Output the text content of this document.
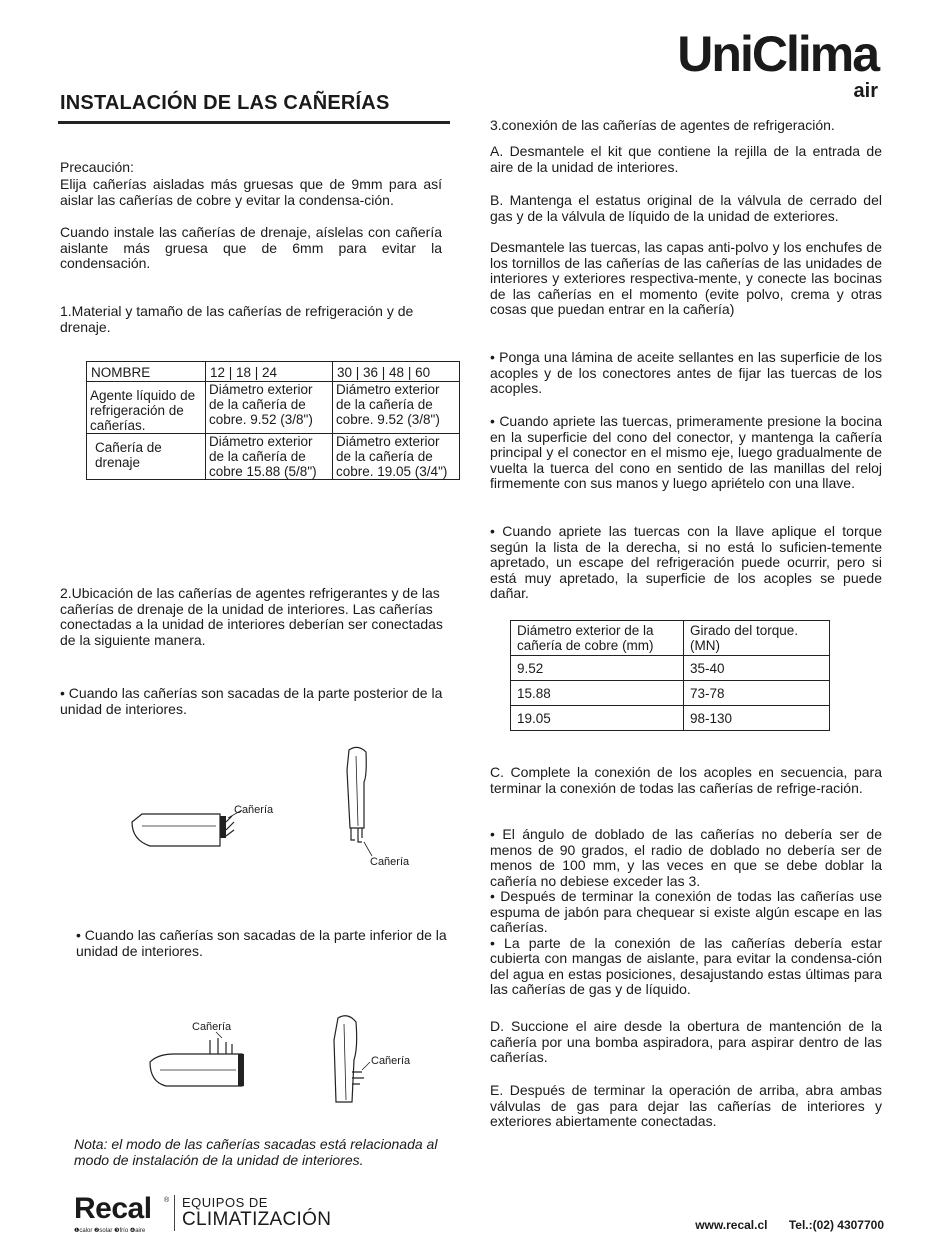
UniClima
air
INSTALACIÓN DE LAS CAÑERÍAS
Precaución:
Elija cañerías aisladas más gruesas que de 9mm para así aislar las cañerías de cobre y evitar la condensa-ción.
Cuando instale las cañerías de drenaje, aíslelas con cañería aislante más gruesa que de 6mm para evitar la condensación.
1.Material y tamaño de las cañerías de refrigeración y de drenaje.
NOMBRE	12 | 18 | 24	30 | 36 | 48 | 60
Agente líquido de refrigeración de cañerías.	Diámetro exterior de la cañería de cobre. 9.52 (3/8")	Diámetro exterior de la cañería de cobre. 9.52 (3/8")
Cañería de drenaje	Diámetro exterior de la cañería de cobre 15.88 (5/8")	Diámetro exterior de la cañería de cobre. 19.05 (3/4")
2.Ubicación de las cañerías de agentes refrigerantes y de las cañerías de drenaje de la unidad de interiores. Las cañerías conectadas a la unidad de interiores deberían ser conectadas de la siguiente manera.
• Cuando las cañerías son sacadas de la parte posterior de la unidad de interiores.
Cañería
Cañería
• Cuando las cañerías son sacadas de la parte inferior de la unidad de interiores.
Cañería
Cañería
Nota: el modo de las cañerías sacadas está relacionada al modo de instalación de la unidad de interiores.
3.conexión de las cañerías de agentes de refrigeración.
A. Desmantele el kit que contiene la rejilla de la entrada de aire de la unidad de interiores.
B. Mantenga el estatus original de la válvula de cerrado del gas y de la válvula de líquido de la unidad de exteriores.
Desmantele las tuercas, las capas anti-polvo y los enchufes de los tornillos de las cañerías de las cañerías de las unidades de interiores y exteriores respectiva-mente, y conecte las bocinas de las cañerías en el momento (evite polvo, crema y otras cosas que puedan entrar en la cañería)
• Ponga una lámina de aceite sellantes en las superficie de los acoples y de los conectores antes de fijar las tuercas de los acoples.
• Cuando apriete las tuercas, primeramente presione la bocina en la superficie del cono del conector, y mantenga la cañería principal y el conector en el mismo eje, luego gradualmente de vuelta la tuerca del cono en sentido de las manillas del reloj firmemente con sus manos y luego apriételo con una llave.
• Cuando apriete las tuercas con la llave aplique el torque según la lista de la derecha, si no está lo suficien-temente apretado, un escape del refrigeración puede ocurrir, pero si está muy apretado, la superficie de los acoples se puede dañar.
Diámetro exterior de la cañería de cobre (mm)	Girado del torque. (MN)
9.52	35-40
15.88	73-78
19.05	98-130
C. Complete la conexión de los acoples en secuencia, para terminar la conexión de todas las cañerías de refrige-ración.
• El ángulo de doblado de las cañerías no debería ser de menos de 90 grados, el radio de doblado no debería ser de menos de 100 mm, y las veces en que se debe doblar la cañería no debiese exceder las 3.
• Después de terminar la conexión de todas las cañerías use espuma de jabón para chequear si existe algún escape en las cañerías.
• La parte de la conexión de las cañerías debería estar cubierta con mangas de aislante, para evitar la condensa-ción del agua en estas posiciones, desajustando estas últimas para las cañerías de gas y de líquido.
D. Succione el aire desde la obertura de mantención de la cañería por una bomba aspiradora, para aspirar dentro de las cañerías.
E. Después de terminar la operación de arriba, abra ambas válvulas de gas para dejar las cañerías de interiores y exteriores abiertamente conectadas.
Recal ®
❶calor ❷solar ❸frío ❹aire
EQUIPOS DE
CLIMATIZACIÓN	www.recal.cl Tel.:(02) 4307700
